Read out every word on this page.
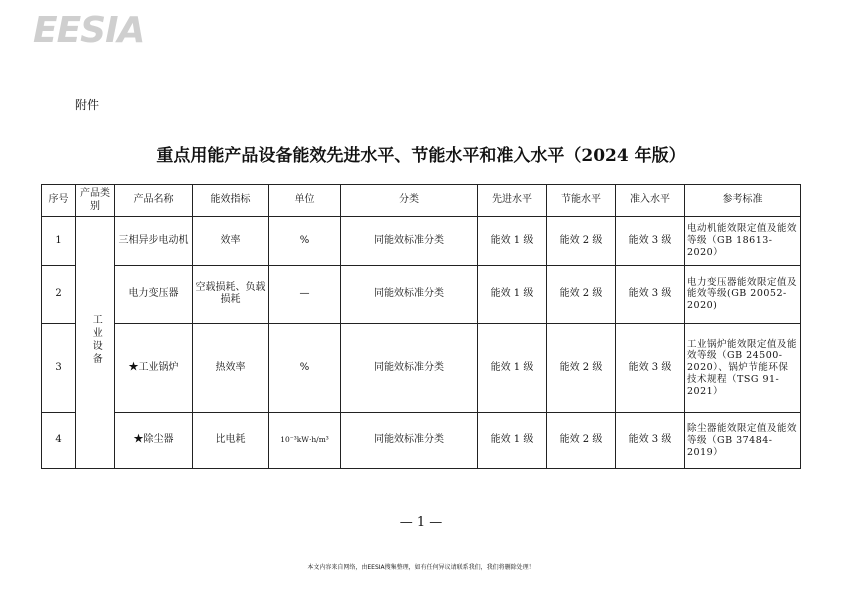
EESIA
附件
重点用能产品设备能效先进水平、节能水平和准入水平（2024 年版）
序号	产品类别	产品名称	能效指标	单位	分类	先进水平	节能水平	准入水平	参考标准
1	工业设备	三相异步电动机	效率	%	同能效标准分类	能效 1 级	能效 2 级	能效 3 级	电动机能效限定值及能效等级（GB 18613-2020）
2		电力变压器	空载损耗、负载损耗	—	同能效标准分类	能效 1 级	能效 2 级	能效 3 级	电力变压器能效限定值及能效等级(GB 20052-2020)
3		★工业锅炉	热效率	%	同能效标准分类	能效 1 级	能效 2 级	能效 3 级	工业锅炉能效限定值及能效等级（GB 24500-2020）、锅炉节能环保技术规程（TSG 91-2021）
4		★除尘器	比电耗	10⁻³kW·h/m³	同能效标准分类	能效 1 级	能效 2 级	能效 3 级	除尘器能效限定值及能效等级（GB 37484-2019）
— 1 —
本文内容来自网络，由EESIA搜集整理，如有任何异议请联系我们，我们将删除处理！
